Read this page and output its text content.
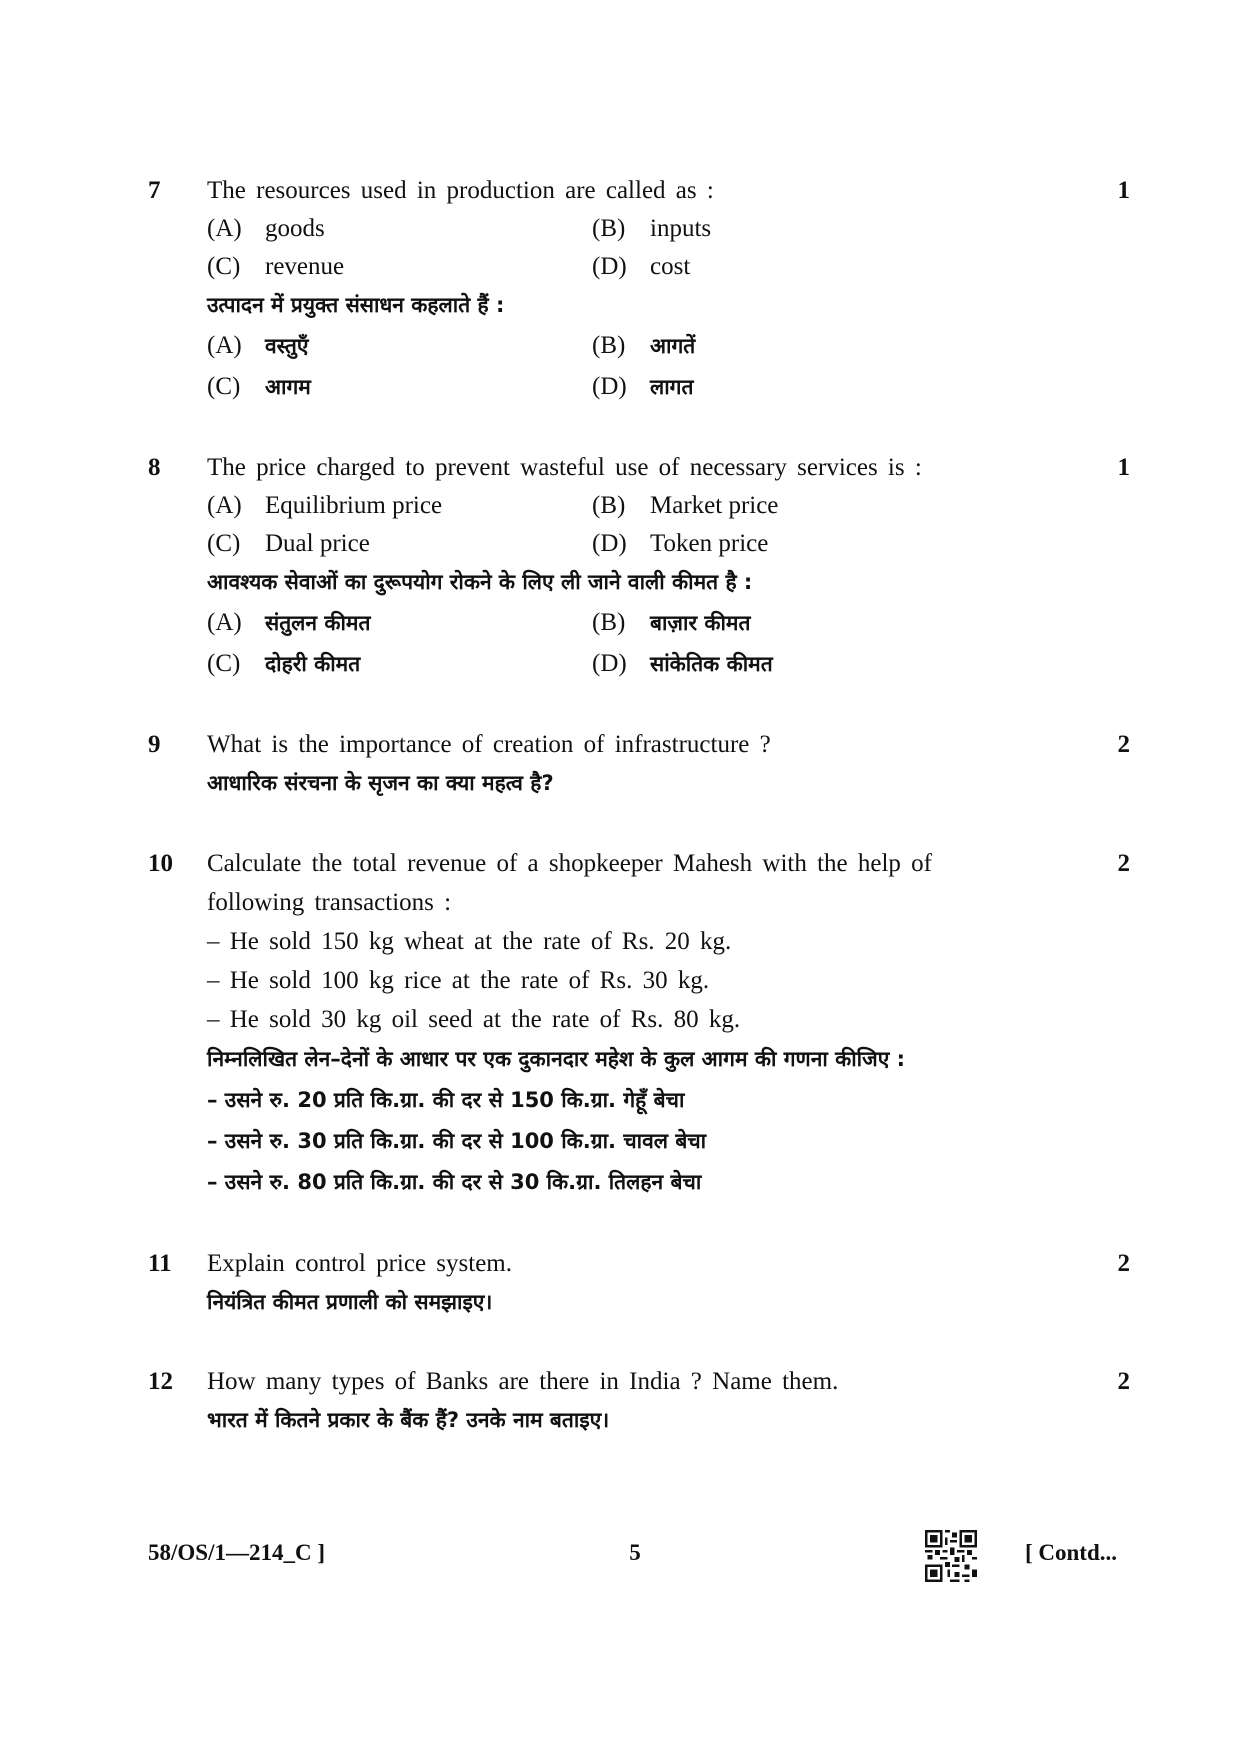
7	1
The resources used in production are called as :
(A) goods	(B) inputs
(C) revenue	(D) cost
उत्पादन में प्रयुक्त संसाधन कहलाते हैं :
(A) वस्तुएँ	(B) आगतें
(C) आगम	(D) लागत
8	1
The price charged to prevent wasteful use of necessary services is :
(A) Equilibrium price	(B) Market price
(C) Dual price	(D) Token price
आवश्यक सेवाओं का दुरूपयोग रोकने के लिए ली जाने वाली कीमत है :
(A) संतुलन कीमत	(B) बाज़ार कीमत
(C) दोहरी कीमत	(D) सांकेतिक कीमत
9	2
What is the importance of creation of infrastructure ?
आधारिक संरचना के सृजन का क्या महत्व है?
10	2
Calculate the total revenue of a shopkeeper Mahesh with the help of
following transactions :
– He sold 150 kg wheat at the rate of Rs. 20 kg.
– He sold 100 kg rice at the rate of Rs. 30 kg.
– He sold 30 kg oil seed at the rate of Rs. 80 kg.
निम्नलिखित लेन–देनों के आधार पर एक दुकानदार महेश के कुल आगम की गणना कीजिए :
– उसने रु. 20 प्रति कि.ग्रा. की दर से 150 कि.ग्रा. गेहूँ बेचा
– उसने रु. 30 प्रति कि.ग्रा. की दर से 100 कि.ग्रा. चावल बेचा
– उसने रु. 80 प्रति कि.ग्रा. की दर से 30 कि.ग्रा. तिलहन बेचा
11	2
Explain control price system.
नियंत्रित कीमत प्रणाली को समझाइए।
12	2
How many types of Banks are there in India ? Name them.
भारत में कितने प्रकार के बैंक हैं? उनके नाम बताइए।
58/OS/1—214_C ]	5	[ Contd...
